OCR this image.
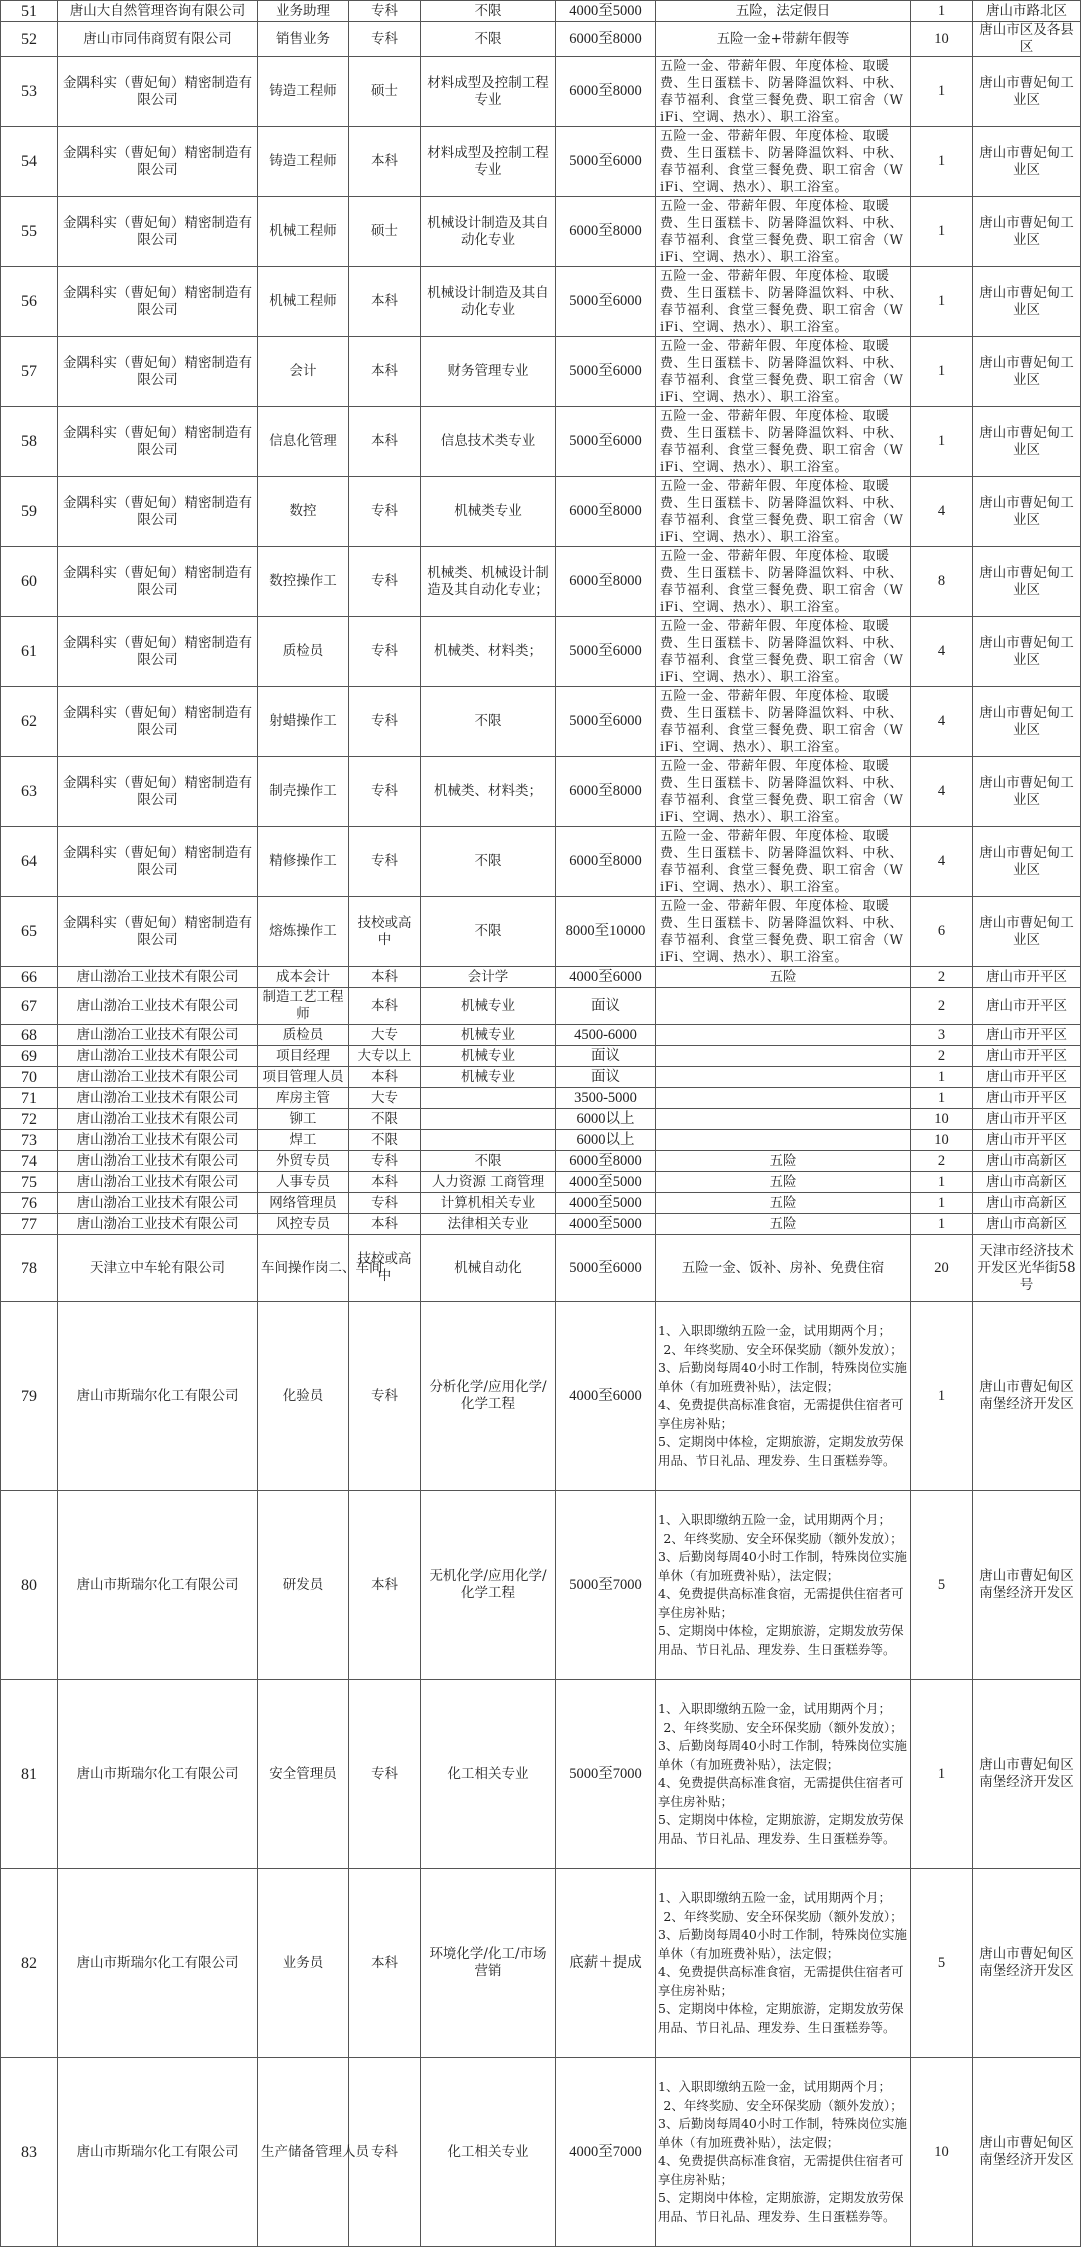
51	唐山大自然管理咨询有限公司	业务助理	专科	不限	4000至5000	五险，法定假日	1	唐山市路北区
52	唐山市同伟商贸有限公司	销售业务	专科	不限	6000至8000	五险一金+带薪年假等	10	唐山市区及各县区
53	金隅科实（曹妃甸）精密制造有限公司	铸造工程师	硕士	材料成型及控制工程专业	6000至8000	五险一金、带薪年假、年度体检、取暖费、生日蛋糕卡、防暑降温饮料、中秋、春节福利、食堂三餐免费、职工宿舍（WiFi、空调、热水）、职工浴室。	1	唐山市曹妃甸工业区
54	金隅科实（曹妃甸）精密制造有限公司	铸造工程师	本科	材料成型及控制工程专业	5000至6000	五险一金、带薪年假、年度体检、取暖费、生日蛋糕卡、防暑降温饮料、中秋、春节福利、食堂三餐免费、职工宿舍（WiFi、空调、热水）、职工浴室。	1	唐山市曹妃甸工业区
55	金隅科实（曹妃甸）精密制造有限公司	机械工程师	硕士	机械设计制造及其自动化专业	6000至8000	五险一金、带薪年假、年度体检、取暖费、生日蛋糕卡、防暑降温饮料、中秋、春节福利、食堂三餐免费、职工宿舍（WiFi、空调、热水）、职工浴室。	1	唐山市曹妃甸工业区
56	金隅科实（曹妃甸）精密制造有限公司	机械工程师	本科	机械设计制造及其自动化专业	5000至6000	五险一金、带薪年假、年度体检、取暖费、生日蛋糕卡、防暑降温饮料、中秋、春节福利、食堂三餐免费、职工宿舍（WiFi、空调、热水）、职工浴室。	1	唐山市曹妃甸工业区
57	金隅科实（曹妃甸）精密制造有限公司	会计	本科	财务管理专业	5000至6000	五险一金、带薪年假、年度体检、取暖费、生日蛋糕卡、防暑降温饮料、中秋、春节福利、食堂三餐免费、职工宿舍（WiFi、空调、热水）、职工浴室。	1	唐山市曹妃甸工业区
58	金隅科实（曹妃甸）精密制造有限公司	信息化管理	本科	信息技术类专业	5000至6000	五险一金、带薪年假、年度体检、取暖费、生日蛋糕卡、防暑降温饮料、中秋、春节福利、食堂三餐免费、职工宿舍（WiFi、空调、热水）、职工浴室。	1	唐山市曹妃甸工业区
59	金隅科实（曹妃甸）精密制造有限公司	数控	专科	机械类专业	6000至8000	五险一金、带薪年假、年度体检、取暖费、生日蛋糕卡、防暑降温饮料、中秋、春节福利、食堂三餐免费、职工宿舍（WiFi、空调、热水）、职工浴室。	4	唐山市曹妃甸工业区
60	金隅科实（曹妃甸）精密制造有限公司	数控操作工	专科	机械类、机械设计制造及其自动化专业；	6000至8000	五险一金、带薪年假、年度体检、取暖费、生日蛋糕卡、防暑降温饮料、中秋、春节福利、食堂三餐免费、职工宿舍（WiFi、空调、热水）、职工浴室。	8	唐山市曹妃甸工业区
61	金隅科实（曹妃甸）精密制造有限公司	质检员	专科	机械类、材料类；	5000至6000	五险一金、带薪年假、年度体检、取暖费、生日蛋糕卡、防暑降温饮料、中秋、春节福利、食堂三餐免费、职工宿舍（WiFi、空调、热水）、职工浴室。	4	唐山市曹妃甸工业区
62	金隅科实（曹妃甸）精密制造有限公司	射蜡操作工	专科	不限	5000至6000	五险一金、带薪年假、年度体检、取暖费、生日蛋糕卡、防暑降温饮料、中秋、春节福利、食堂三餐免费、职工宿舍（WiFi、空调、热水）、职工浴室。	4	唐山市曹妃甸工业区
63	金隅科实（曹妃甸）精密制造有限公司	制壳操作工	专科	机械类、材料类；	6000至8000	五险一金、带薪年假、年度体检、取暖费、生日蛋糕卡、防暑降温饮料、中秋、春节福利、食堂三餐免费、职工宿舍（WiFi、空调、热水）、职工浴室。	4	唐山市曹妃甸工业区
64	金隅科实（曹妃甸）精密制造有限公司	精修操作工	专科	不限	6000至8000	五险一金、带薪年假、年度体检、取暖费、生日蛋糕卡、防暑降温饮料、中秋、春节福利、食堂三餐免费、职工宿舍（WiFi、空调、热水）、职工浴室。	4	唐山市曹妃甸工业区
65	金隅科实（曹妃甸）精密制造有限公司	熔炼操作工	技校或高中	不限	8000至10000	五险一金、带薪年假、年度体检、取暖费、生日蛋糕卡、防暑降温饮料、中秋、春节福利、食堂三餐免费、职工宿舍（WiFi、空调、热水）、职工浴室。	6	唐山市曹妃甸工业区
66	唐山渤冶工业技术有限公司	成本会计	本科	会计学	4000至6000	五险	2	唐山市开平区
67	唐山渤冶工业技术有限公司	制造工艺工程师	本科	机械专业	面议		2	唐山市开平区
68	唐山渤冶工业技术有限公司	质检员	大专	机械专业	4500-6000		3	唐山市开平区
69	唐山渤冶工业技术有限公司	项目经理	大专以上	机械专业	面议		2	唐山市开平区
70	唐山渤冶工业技术有限公司	项目管理人员	本科	机械专业	面议		1	唐山市开平区
71	唐山渤冶工业技术有限公司	库房主管	大专		3500-5000		1	唐山市开平区
72	唐山渤冶工业技术有限公司	铆工	不限		6000以上		10	唐山市开平区
73	唐山渤冶工业技术有限公司	焊工	不限		6000以上		10	唐山市开平区
74	唐山渤冶工业技术有限公司	外贸专员	专科	不限	6000至8000	五险	2	唐山市高新区
75	唐山渤冶工业技术有限公司	人事专员	本科	人力资源 工商管理	4000至5000	五险	1	唐山市高新区
76	唐山渤冶工业技术有限公司	网络管理员	专科	计算机相关专业	4000至5000	五险	1	唐山市高新区
77	唐山渤冶工业技术有限公司	风控专员	本科	法律相关专业	4000至5000	五险	1	唐山市高新区
78	天津立中车轮有限公司	车间操作岗二、车间	技校或高中	机械自动化	5000至6000	五险一金、饭补、房补、免费住宿	20	天津市经济技术开发区光华街58号
79	唐山市斯瑞尔化工有限公司	化验员	专科	分析化学/应用化学/化学工程	4000至6000	1、入职即缴纳五险一金，试用期两个月；
2、年终奖励、安全环保奖励（额外发放）；
3、后勤岗每周40小时工作制，特殊岗位实施单休（有加班费补贴），法定假；
4、免费提供高标准食宿，无需提供住宿者可享住房补贴；
5、定期岗中体检，定期旅游，定期发放劳保用品、节日礼品、理发券、生日蛋糕券等。	1	唐山市曹妃甸区南堡经济开发区
80	唐山市斯瑞尔化工有限公司	研发员	本科	无机化学/应用化学/化学工程	5000至7000	1、入职即缴纳五险一金，试用期两个月；
2、年终奖励、安全环保奖励（额外发放）；
3、后勤岗每周40小时工作制，特殊岗位实施单休（有加班费补贴），法定假；
4、免费提供高标准食宿，无需提供住宿者可享住房补贴；
5、定期岗中体检，定期旅游，定期发放劳保用品、节日礼品、理发券、生日蛋糕券等。	5	唐山市曹妃甸区南堡经济开发区
81	唐山市斯瑞尔化工有限公司	安全管理员	专科	化工相关专业	5000至7000	1、入职即缴纳五险一金，试用期两个月；
2、年终奖励、安全环保奖励（额外发放）；
3、后勤岗每周40小时工作制，特殊岗位实施单休（有加班费补贴），法定假；
4、免费提供高标准食宿，无需提供住宿者可享住房补贴；
5、定期岗中体检，定期旅游，定期发放劳保用品、节日礼品、理发券、生日蛋糕券等。	1	唐山市曹妃甸区南堡经济开发区
82	唐山市斯瑞尔化工有限公司	业务员	本科	环境化学/化工/市场营销	底薪＋提成	1、入职即缴纳五险一金，试用期两个月；
2、年终奖励、安全环保奖励（额外发放）；
3、后勤岗每周40小时工作制，特殊岗位实施单休（有加班费补贴），法定假；
4、免费提供高标准食宿，无需提供住宿者可享住房补贴；
5、定期岗中体检，定期旅游，定期发放劳保用品、节日礼品、理发券、生日蛋糕券等。	5	唐山市曹妃甸区南堡经济开发区
83	唐山市斯瑞尔化工有限公司	生产储备管理人员	专科	化工相关专业	4000至7000	1、入职即缴纳五险一金，试用期两个月；
2、年终奖励、安全环保奖励（额外发放）；
3、后勤岗每周40小时工作制，特殊岗位实施单休（有加班费补贴），法定假；
4、免费提供高标准食宿，无需提供住宿者可享住房补贴；
5、定期岗中体检，定期旅游，定期发放劳保用品、节日礼品、理发券、生日蛋糕券等。	10	唐山市曹妃甸区南堡经济开发区
